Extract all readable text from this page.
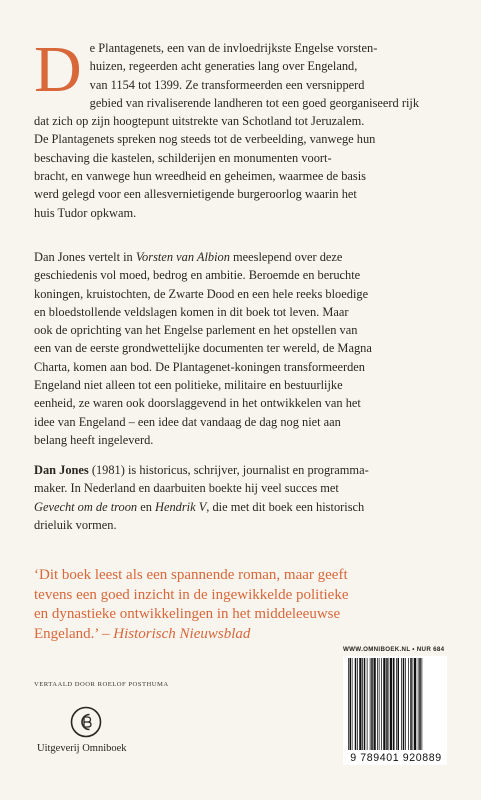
D e Plantagenets, een van de invloedrijkste Engelse vorsten-
huizen, regeerden acht generaties lang over Engeland,
van 1154 tot 1399. Ze transformeerden een versnipperd
gebied van rivaliserende landheren tot een goed georganiseerd rijk
dat zich op zijn hoogtepunt uitstrekte van Schotland tot Jeruzalem.
De Plantagenets spreken nog steeds tot de verbeelding, vanwege hun
beschaving die kastelen, schilderijen en monumenten voort-
bracht, en vanwege hun wreedheid en geheimen, waarmee de basis
werd gelegd voor een allesvernietigende burgeroorlog waarin het
huis Tudor opkwam.
Dan Jones vertelt in Vorsten van Albion meeslepend over deze
geschiedenis vol moed, bedrog en ambitie. Beroemde en beruchte
koningen, kruistochten, de Zwarte Dood en een hele reeks bloedige
en bloedstollende veldslagen komen in dit boek tot leven. Maar
ook de oprichting van het Engelse parlement en het opstellen van
een van de eerste grondwettelijke documenten ter wereld, de Magna
Charta, komen aan bod. De Plantagenet-koningen transformeerden
Engeland niet alleen tot een politieke, militaire en bestuurlijke
eenheid, ze waren ook doorslaggevend in het ontwikkelen van het
idee van Engeland – een idee dat vandaag de dag nog niet aan
belang heeft ingeleverd.
Dan Jones (1981) is historicus, schrijver, journalist en programma-
maker. In Nederland en daarbuiten boekte hij veel succes met
Gevecht om de troon en Hendrik V, die met dit boek een historisch
drieluik vormen.
‘Dit boek leest als een spannende roman, maar geeft
tevens een goed inzicht in de ingewikkelde politieke
en dynastieke ontwikkelingen in het middeleeuwse
Engeland.’ – Historisch Nieuwsblad
WWW.OMNIBOEK.NL • NUR 684
VERTAALD DOOR ROELOF POSTHUMA
Uitgeverij Omniboek
9 789401 920889
